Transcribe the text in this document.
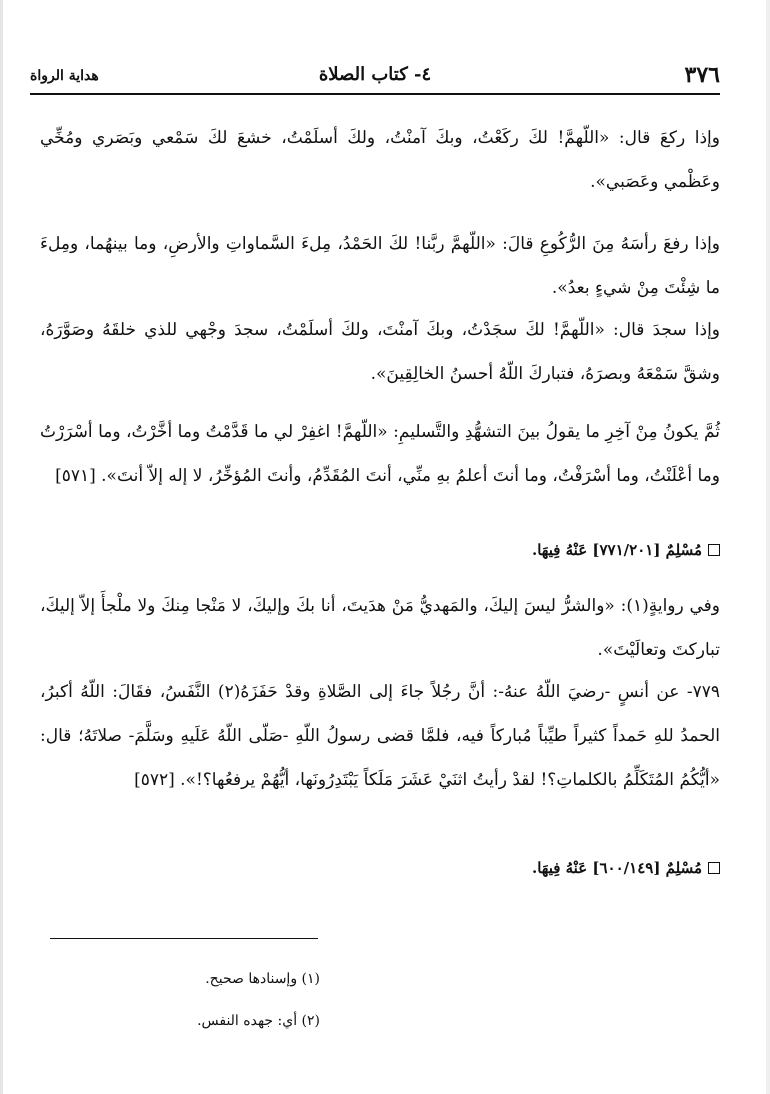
٣٧٦
٤- كتاب الصلاة
هداية الرواة
وإذا ركعَ قال: «اللّهمَّ! لكَ ركَعْتُ، وبكَ آمنْتُ، ولكَ أسلَمْتُ، خشعَ لكَ سَمْعي وبَصَري ومُخِّي وعَظْمي وعَصَبي».
وإذا رفعَ رأسَهُ مِنَ الرُّكُوعِ قالَ: «اللّهمَّ ربَّنا! لكَ الحَمْدُ، مِلءَ السَّماواتِ والأرضِ، وما بينهُما، ومِلءَ ما شِئْتَ مِنْ شيءٍ بعدُ».
وإذا سجدَ قال: «اللّهمَّ! لكَ سجَدْتُ، وبكَ آمنْتَ، ولكَ أسلَمْتُ، سجدَ وجْهي للذي خلقَهُ وصَوَّرَهُ، وشقَّ سَمْعَهُ وبصرَهُ، فتباركَ اللّهُ أحسنُ الخالِقِينَ».
ثُمَّ يكونُ مِنْ آخِرِ ما يقولُ بينَ التشهُّدِ والتَّسليمِ: «اللّهمَّ! اغفِرْ لي ما قَدَّمْتُ وما أخَّرْتُ، وما أسْرَرْتُ وما أعْلَنْتُ، وما أسْرَفْتُ، وما أنتَ أعلمُ بهِ منِّي، أنتَ المُقَدِّمُ، وأنتَ المُؤخِّرُ، لا إله إلاّ أنتَ». [٥٧١]
مُسْلِمٌ [٧٧١/٢٠١] عَنْهُ فِيهَا.
وفي روايةٍ(١): «والشرُّ ليسَ إليكَ، والمَهديُّ مَنْ هدَيتَ، أنا بكَ وإليكَ، لا مَنْجا مِنكَ ولا ملْجأَ إلاّ إليكَ، تباركتَ وتعالَيْتَ».
٧٧٩- عن أنسٍ -رضيَ اللّهُ عنهُ-: أنَّ رجُلاً جاءَ إلى الصَّلاةِ وقدْ حَفَزَهُ(٢) النَّفَسُ، فقَالَ: اللّهُ أكبرُ، الحمدُ للهِ حَمداً كثيراً طيِّباً مُباركاً فيه، فلمَّا قضى رسولُ اللّهِ -صَلّى اللّهُ عَلَيهِ وسَلَّمَ- صلاتَهُ؛ قال: «أيُّكُمُ المُتَكَلِّمُ بالكلماتِ؟! لقدْ رأيتُ اثنَيْ عَشَرَ مَلَكاً يَبْتَدِرُونَها، أيُّهُمْ يرفعُها؟!». [٥٧٢]
مُسْلِمٌ [٦٠٠/١٤٩] عَنْهُ فِيهَا.
(١) وإسنادها صحيح.
(٢) أي: جهده النفس.
